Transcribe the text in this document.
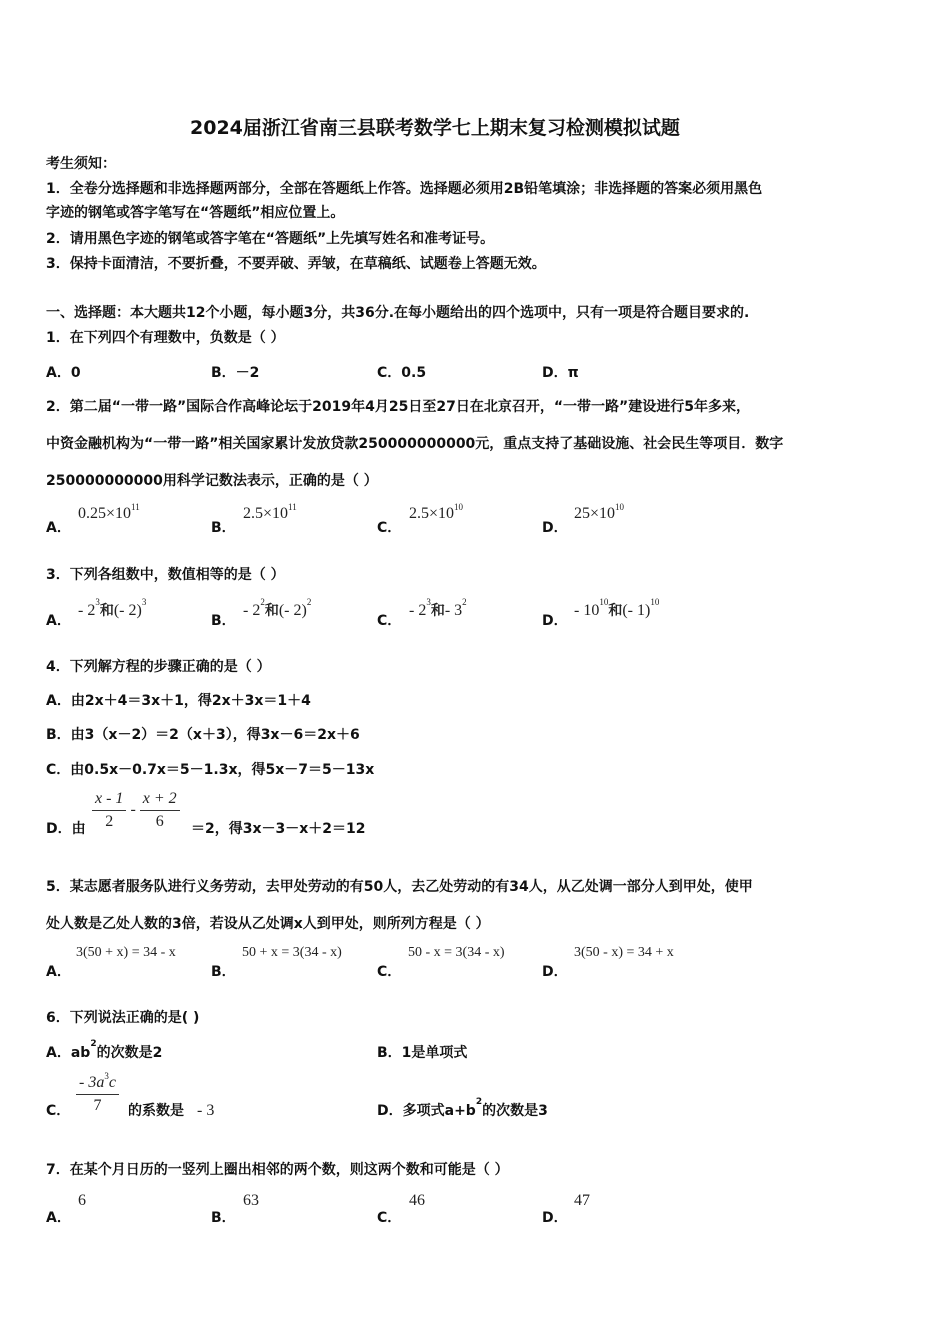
2024届浙江省南三县联考数学七上期末复习检测模拟试题
考生须知：
1．全卷分选择题和非选择题两部分，全部在答题纸上作答。选择题必须用2B铅笔填涂；非选择题的答案必须用黑色
字迹的钢笔或答字笔写在“答题纸”相应位置上。
2．请用黑色字迹的钢笔或答字笔在“答题纸”上先填写姓名和准考证号。
3．保持卡面清洁，不要折叠，不要弄破、弄皱，在草稿纸、试题卷上答题无效。
一、选择题：本大题共12个小题，每小题3分，共36分.在每小题给出的四个选项中，只有一项是符合题目要求的.
1．在下列四个有理数中，负数是（ ）
A．0	B．－2	C．0.5	D．π
2．第二届“一带一路”国际合作高峰论坛于2019年4月25日至27日在北京召开，“一带一路”建设进行5年多来，
中资金融机构为“一带一路”相关国家累计发放贷款250000000000元，重点支持了基础设施、社会民生等项目．数字
250000000000用科学记数法表示，正确的是（ ）
A．
$0.25\times 10^{11}$
B．
$2.5\times 10^{11}$
C．
$2.5\times 10^{10}$
D．
$25\times 10^{10}$
3．下列各组数中，数值相等的是（ ）
A．
- $2^3$和(- 2)$^3$
B．
- $2^2$和(- 2)$^2$
C．
- $2^3$和- $3^2$
D．
- $10^{10}$和(- 1)$^{10}$
4．下列解方程的步骤正确的是（ ）
A．由2x＋4＝3x＋1，得2x＋3x＝1＋4
B．由3（x－2）＝2（x＋3），得3x－6＝2x＋6
C．由0.5x－0.7x＝5－1.3x，得5x－7＝5－13x
D．由 $\frac{x - 1}{2} - \frac{x + 2}{6} =2$，得3x－3－x＋2＝12
5．某志愿者服务队进行义务劳动，去甲处劳动的有50人，去乙处劳动的有34人，从乙处调一部分人到甲处，使甲
处人数是乙处人数的3倍，若设从乙处调x人到甲处，则所列方程是（ ）
A．
3(50 + x) = 34 - x
B．
50 + x = 3(34 - x)
C．
50 - x = 3(34 - x)
D．
3(50 - x) = 34 + x
6．下列说法正确的是( )
A．$ab^2$的次数是2	B．1是单项式
C． $\frac{- 3a^3c}{7}$ 的系数是 - 3	D．多项式$a+b^2$的次数是3
7．在某个月日历的一竖列上圈出相邻的两个数，则这两个数和可能是（ ）
A．
6
B．
63
C．
46
D．
47
